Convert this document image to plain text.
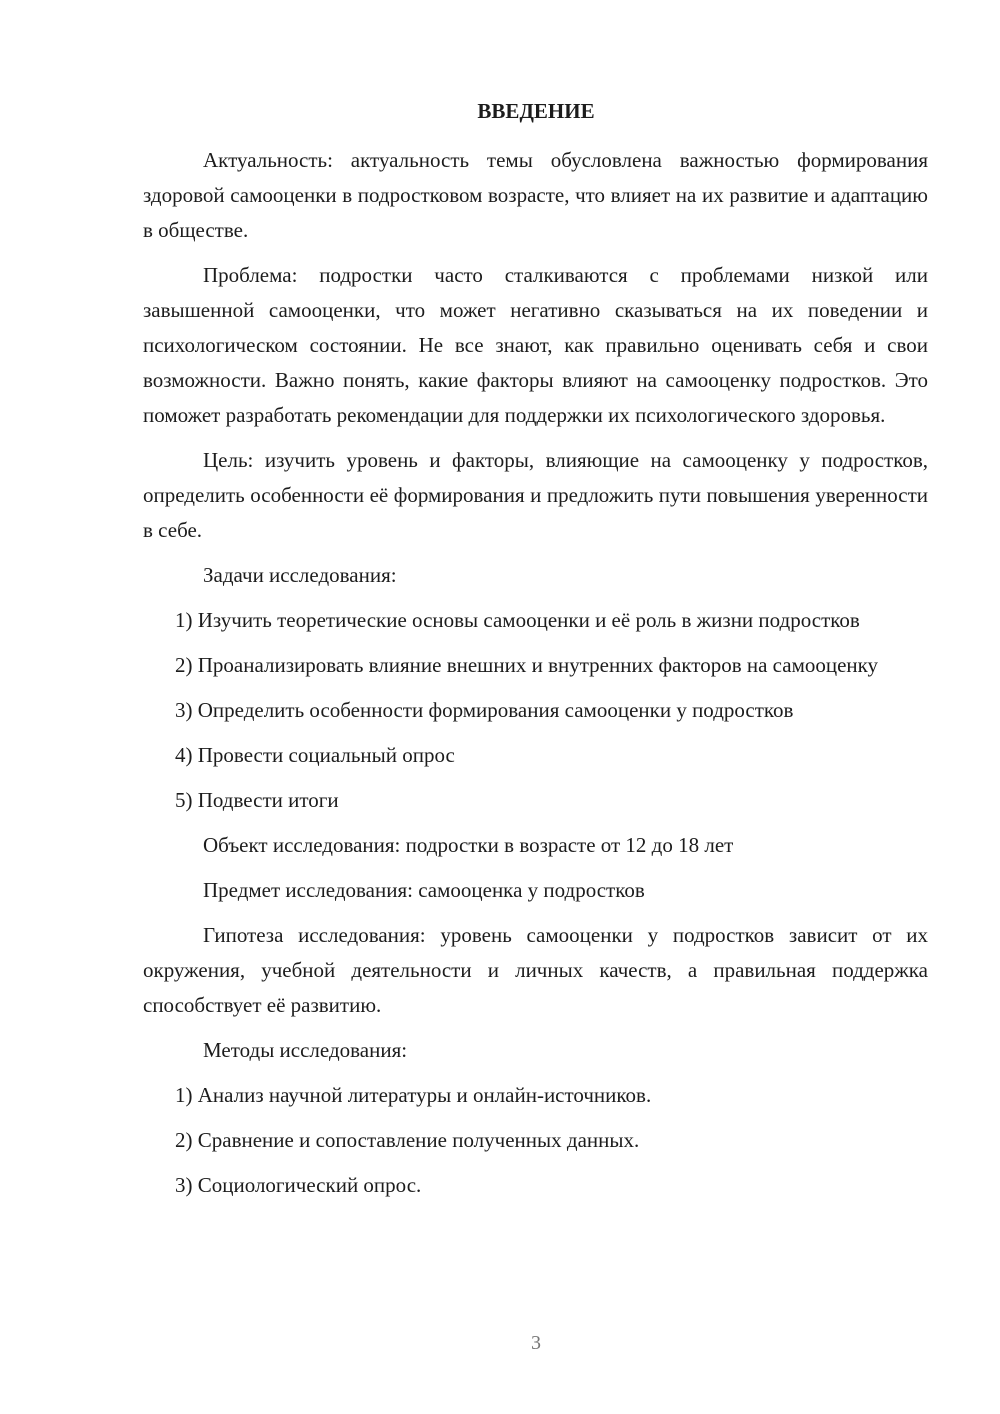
ВВЕДЕНИЕ
Актуальность: актуальность темы обусловлена важностью формирования здоровой самооценки в подростковом возрасте, что влияет на их развитие и адаптацию в обществе.
Проблема: подростки часто сталкиваются с проблемами низкой или завышенной самооценки, что может негативно сказываться на их поведении и психологическом состоянии. Не все знают, как правильно оценивать себя и свои возможности. Важно понять, какие факторы влияют на самооценку подростков. Это поможет разработать рекомендации для поддержки их психологического здоровья.
Цель: изучить уровень и факторы, влияющие на самооценку у подростков, определить особенности её формирования и предложить пути повышения уверенности в себе.
Задачи исследования:
1) Изучить теоретические основы самооценки и её роль в жизни подростков
2) Проанализировать влияние внешних и внутренних факторов на самооценку
3) Определить особенности формирования самооценки у подростков
4) Провести социальный опрос
5) Подвести итоги
Объект исследования: подростки в возрасте от 12 до 18 лет
Предмет исследования: самооценка у подростков
Гипотеза исследования: уровень самооценки у подростков зависит от их окружения, учебной деятельности и личных качеств, а правильная поддержка способствует её развитию.
Методы исследования:
1) Анализ научной литературы и онлайн-источников.
2) Сравнение и сопоставление полученных данных.
3) Социологический опрос.
3
